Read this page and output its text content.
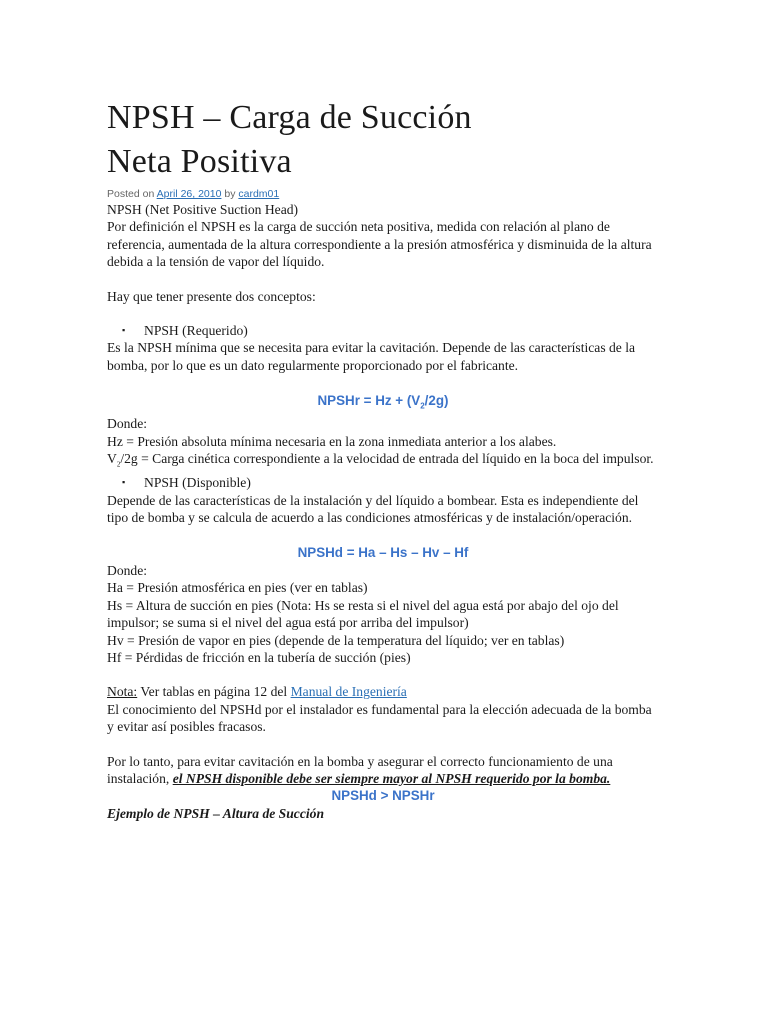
NPSH – Carga de Succión
Neta Positiva
Posted on April 26, 2010 by cardm01

NPSH (Net Positive Suction Head)

Por definición el NPSH es la carga de succión neta positiva, medida con relación al plano de referencia, aumentada de la altura correspondiente a la presión atmosférica y disminuida de la altura debida a la tensión de vapor del líquido.

Hay que tener presente dos conceptos:

▪ NPSH (Requerido)

Es la NPSH mínima que se necesita para evitar la cavitación. Depende de las características de la bomba, por lo que es un dato regularmente proporcionado por el fabricante.

NPSHr = $Hz + (V_2/2g)$

Donde:

Hz = Presión absoluta mínima necesaria en la zona inmediata anterior a los alabes.

$V_2/2g$ = Carga cinética correspondiente a la velocidad de entrada del líquido en la boca del impulsor.

▪ NPSH (Disponible)

Depende de las características de la instalación y del líquido a bombear. Esta es independiente del tipo de bomba y se calcula de acuerdo a las condiciones atmosféricas y de instalación/operación.

NPSHd = Ha – Hs – Hv – Hf

Donde:

Ha = Presión atmosférica en pies (ver en tablas)

Hs = Altura de succión en pies (Nota: Hs se resta si el nivel del agua está por abajo del ojo del impulsor; se suma si el nivel del agua está por arriba del impulsor)

Hv = Presión de vapor en pies (depende de la temperatura del líquido; ver en tablas)

Hf = Pérdidas de fricción en la tubería de succión (pies)

Nota: Ver tablas en página 12 del Manual de Ingeniería

El conocimiento del NPSHd por el instalador es fundamental para la elección adecuada de la bomba y evitar así posibles fracasos.

Por lo tanto, para evitar cavitación en la bomba y asegurar el correcto funcionamiento de una instalación, el NPSH disponible debe ser siempre mayor al NPSH requerido por la bomba.

NPSHd > NPSHr

Ejemplo de NPSH – Altura de Succión
